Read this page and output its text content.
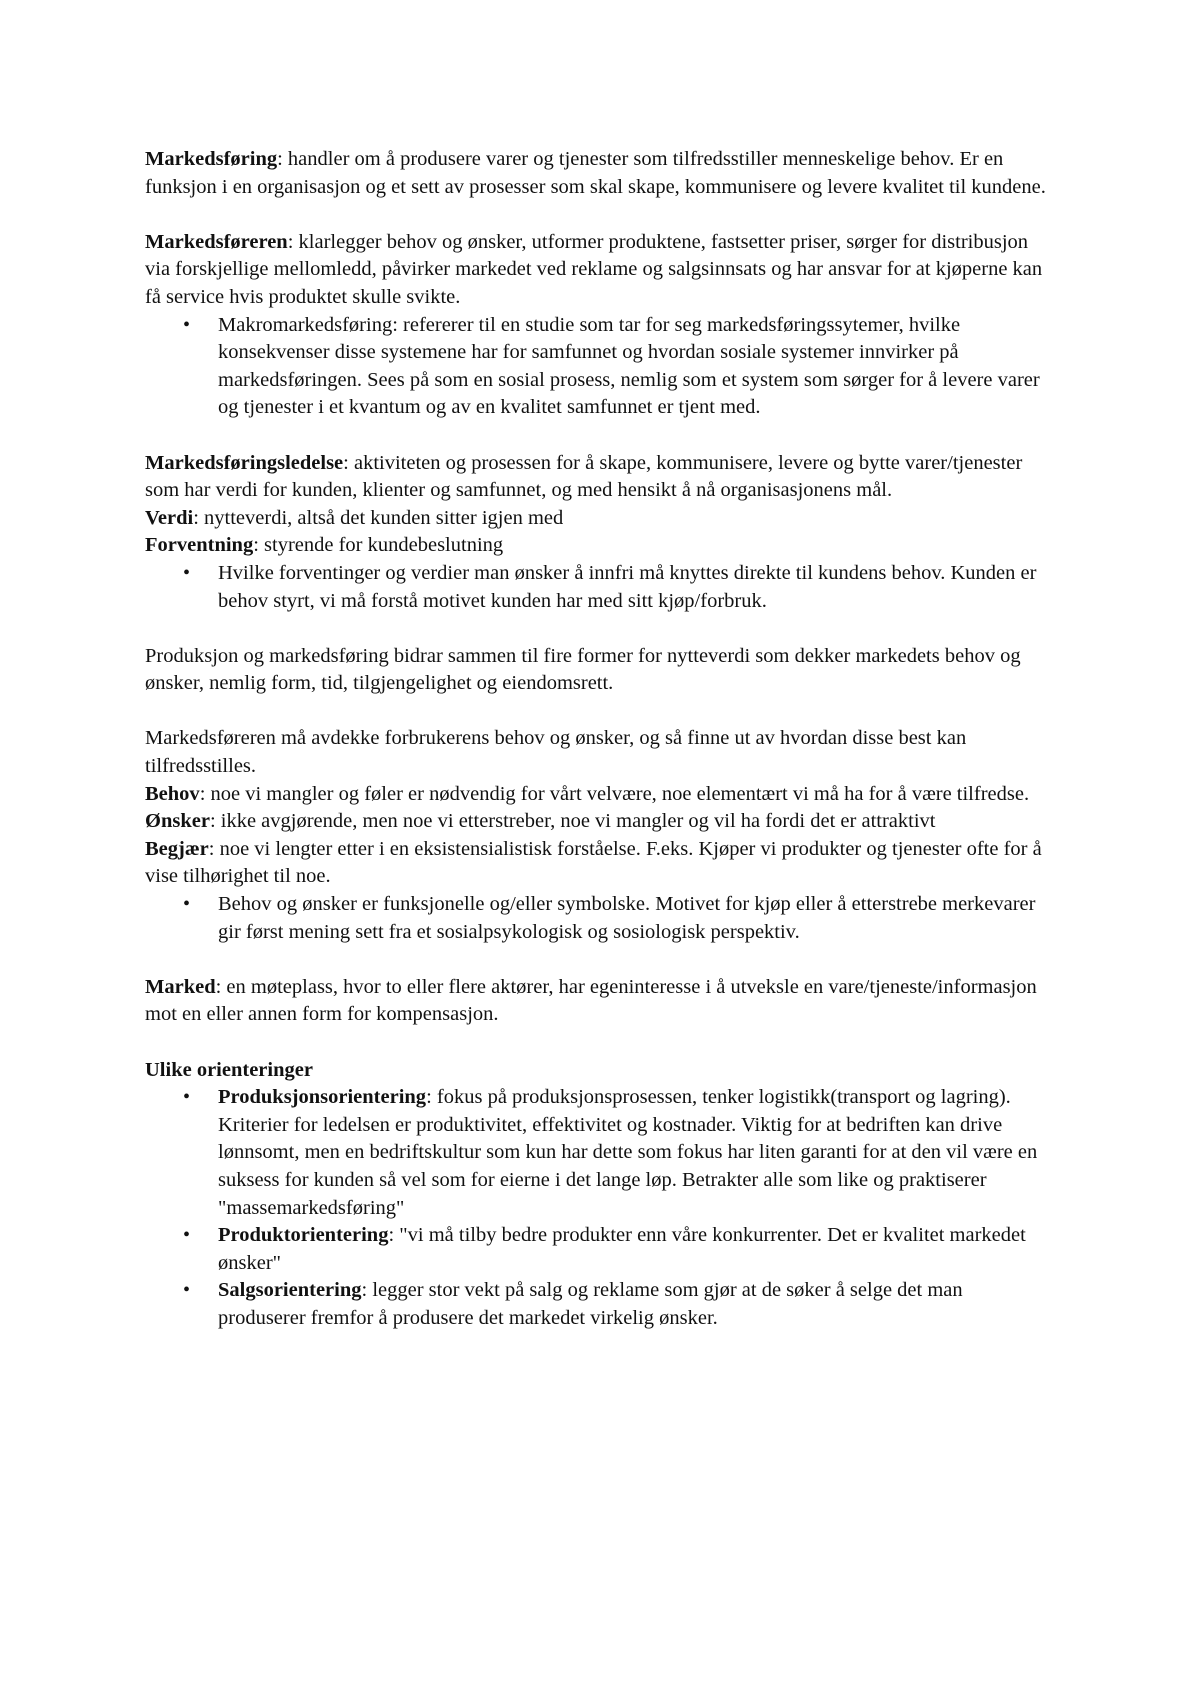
Markedsføring: handler om å produsere varer og tjenester som tilfredsstiller menneskelige behov. Er en funksjon i en organisasjon og et sett av prosesser som skal skape, kommunisere og levere kvalitet til kundene.

Markedsføreren: klarlegger behov og ønsker, utformer produktene, fastsetter priser, sørger for distribusjon via forskjellige mellomledd, påvirker markedet ved reklame og salgsinnsats og har ansvar for at kjøperne kan få service hvis produktet skulle svikte.

• Makromarkedsføring: refererer til en studie som tar for seg markedsføringssytemer, hvilke konsekvenser disse systemene har for samfunnet og hvordan sosiale systemer innvirker på markedsføringen. Sees på som en sosial prosess, nemlig som et system som sørger for å levere varer og tjenester i et kvantum og av en kvalitet samfunnet er tjent med.

Markedsføringsledelse: aktiviteten og prosessen for å skape, kommunisere, levere og bytte varer/tjenester som har verdi for kunden, klienter og samfunnet, og med hensikt å nå organisasjonens mål.

Verdi: nytteverdi, altså det kunden sitter igjen med

Forventning: styrende for kundebeslutning

• Hvilke forventinger og verdier man ønsker å innfri må knyttes direkte til kundens behov. Kunden er behov styrt, vi må forstå motivet kunden har med sitt kjøp/forbruk.

Produksjon og markedsføring bidrar sammen til fire former for nytteverdi som dekker markedets behov og ønsker, nemlig form, tid, tilgjengelighet og eiendomsrett.

Markedsføreren må avdekke forbrukerens behov og ønsker, og så finne ut av hvordan disse best kan tilfredsstilles.

Behov: noe vi mangler og føler er nødvendig for vårt velvære, noe elementært vi må ha for å være tilfredse.

Ønsker: ikke avgjørende, men noe vi etterstreber, noe vi mangler og vil ha fordi det er attraktivt

Begjær: noe vi lengter etter i en eksistensialistisk forståelse. F.eks. Kjøper vi produkter og tjenester ofte for å vise tilhørighet til noe.

• Behov og ønsker er funksjonelle og/eller symbolske. Motivet for kjøp eller å etterstrebe merkevarer gir først mening sett fra et sosialpsykologisk og sosiologisk perspektiv.

Marked: en møteplass, hvor to eller flere aktører, har egeninteresse i å utveksle en vare/tjeneste/informasjon mot en eller annen form for kompensasjon.

Ulike orienteringer

• Produksjonsorientering: fokus på produksjonsprosessen, tenker logistikk(transport og lagring). Kriterier for ledelsen er produktivitet, effektivitet og kostnader. Viktig for at bedriften kan drive lønnsomt, men en bedriftskultur som kun har dette som fokus har liten garanti for at den vil være en suksess for kunden så vel som for eierne i det lange løp. Betrakter alle som like og praktiserer "massemarkedsføring"
• Produktorientering: "vi må tilby bedre produkter enn våre konkurrenter. Det er kvalitet markedet ønsker"
• Salgsorientering: legger stor vekt på salg og reklame som gjør at de søker å selge det man produserer fremfor å produsere det markedet virkelig ønsker.
